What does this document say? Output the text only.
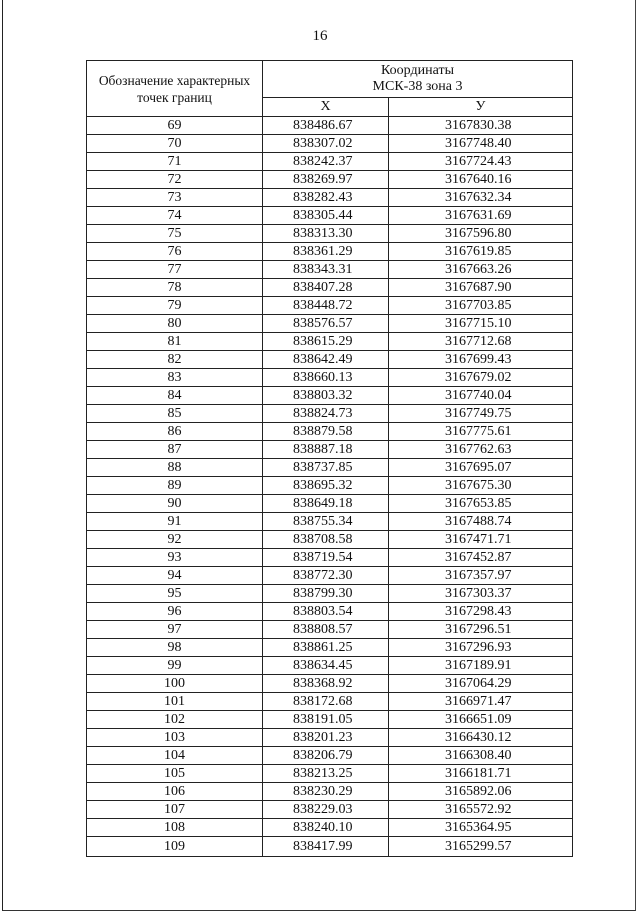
16
Обозначение характерных точек границ	Координаты
МСК-38 зона 3	

	X	У
69	838486.67	3167830.38
70	838307.02	3167748.40
71	838242.37	3167724.43
72	838269.97	3167640.16
73	838282.43	3167632.34
74	838305.44	3167631.69
75	838313.30	3167596.80
76	838361.29	3167619.85
77	838343.31	3167663.26
78	838407.28	3167687.90
79	838448.72	3167703.85
80	838576.57	3167715.10
81	838615.29	3167712.68
82	838642.49	3167699.43
83	838660.13	3167679.02
84	838803.32	3167740.04
85	838824.73	3167749.75
86	838879.58	3167775.61
87	838887.18	3167762.63
88	838737.85	3167695.07
89	838695.32	3167675.30
90	838649.18	3167653.85
91	838755.34	3167488.74
92	838708.58	3167471.71
93	838719.54	3167452.87
94	838772.30	3167357.97
95	838799.30	3167303.37
96	838803.54	3167298.43
97	838808.57	3167296.51
98	838861.25	3167296.93
99	838634.45	3167189.91
100	838368.92	3167064.29
101	838172.68	3166971.47
102	838191.05	3166651.09
103	838201.23	3166430.12
104	838206.79	3166308.40
105	838213.25	3166181.71
106	838230.29	3165892.06
107	838229.03	3165572.92
108	838240.10	3165364.95
109	838417.99	3165299.57
